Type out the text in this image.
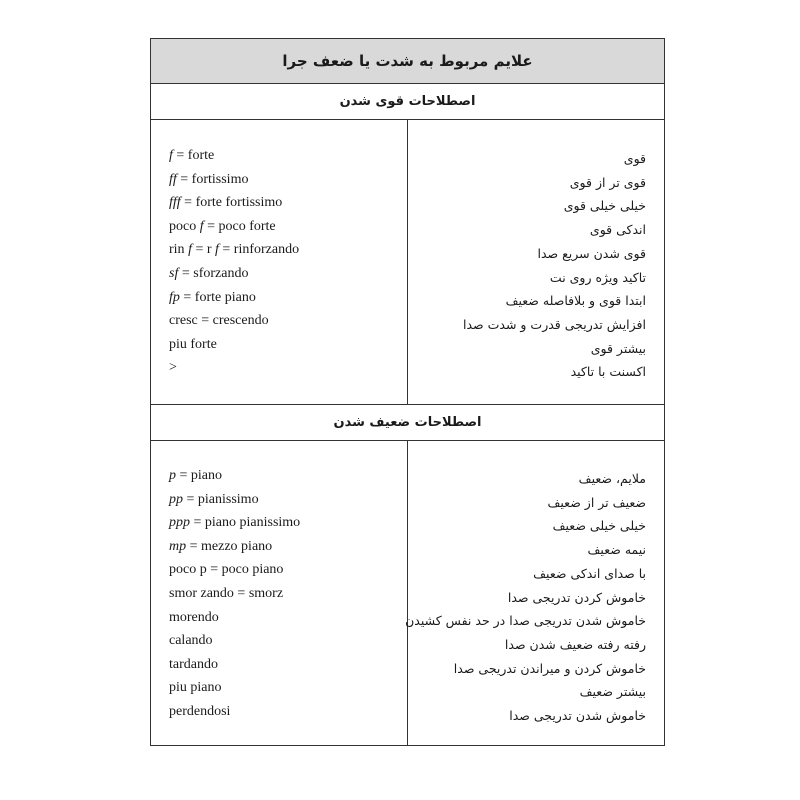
علایم مربوط به شدت یا ضعف جرا
اصطلاحات قوی شدن
f = forte
ff = fortissimo
fff = forte fortissimo
poco f = poco forte
rin f = r f = rinforzando
sf = sforzando
fp = forte piano
cresc = crescendo
piu forte
>
قوی
قوی تر از قوی
خیلی خیلی قوی
اندکی قوی
قوی شدن سریع صدا
تاکید ویژه روی نت
ابتدا قوی و بلافاصله ضعیف
افزایش تدریجی قدرت و شدت صدا
بیشتر قوی
اکسنت با تاکید
اصطلاحات ضعیف شدن
p = piano
pp = pianissimo
ppp = piano pianissimo
mp = mezzo piano
poco p = poco piano
smor zando = smorz
morendo
calando
tardando
piu piano
perdendosi
ملایم، ضعیف
ضعیف تر از ضعیف
خیلی خیلی ضعیف
نیمه ضعیف
با صدای اندکی ضعیف
خاموش کردن تدریجی صدا
خاموش شدن تدریجی صدا در حد نفس کشیدن
رفته رفته ضعیف شدن صدا
خاموش کردن و میراندن تدریجی صدا
بیشتر ضعیف
خاموش شدن تدریجی صدا
